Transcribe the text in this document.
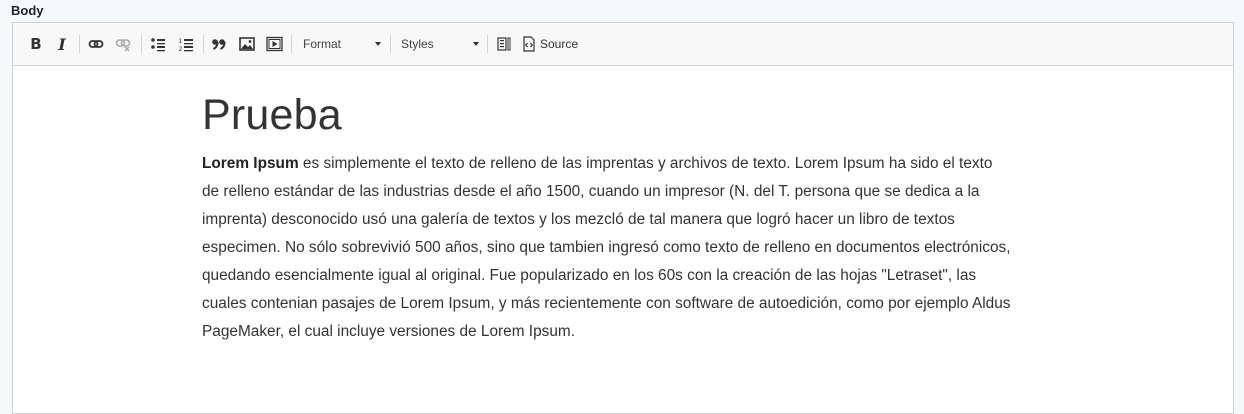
Body
B I	1
2	Format	Styles	Source
Prueba

Lorem Ipsum es simplemente el texto de relleno de las imprentas y archivos de texto. Lorem Ipsum ha sido el texto de relleno estándar de las industrias desde el año 1500, cuando un impresor (N. del T. persona que se dedica a la imprenta) desconocido usó una galería de textos y los mezcló de tal manera que logró hacer un libro de textos especimen. No sólo sobrevivió 500 años, sino que tambien ingresó como texto de relleno en documentos electrónicos, quedando esencialmente igual al original. Fue popularizado en los 60s con la creación de las hojas "Letraset", las cuales contenian pasajes de Lorem Ipsum, y más recientemente con software de autoedición, como por ejemplo Aldus PageMaker, el cual incluye versiones de Lorem Ipsum.
